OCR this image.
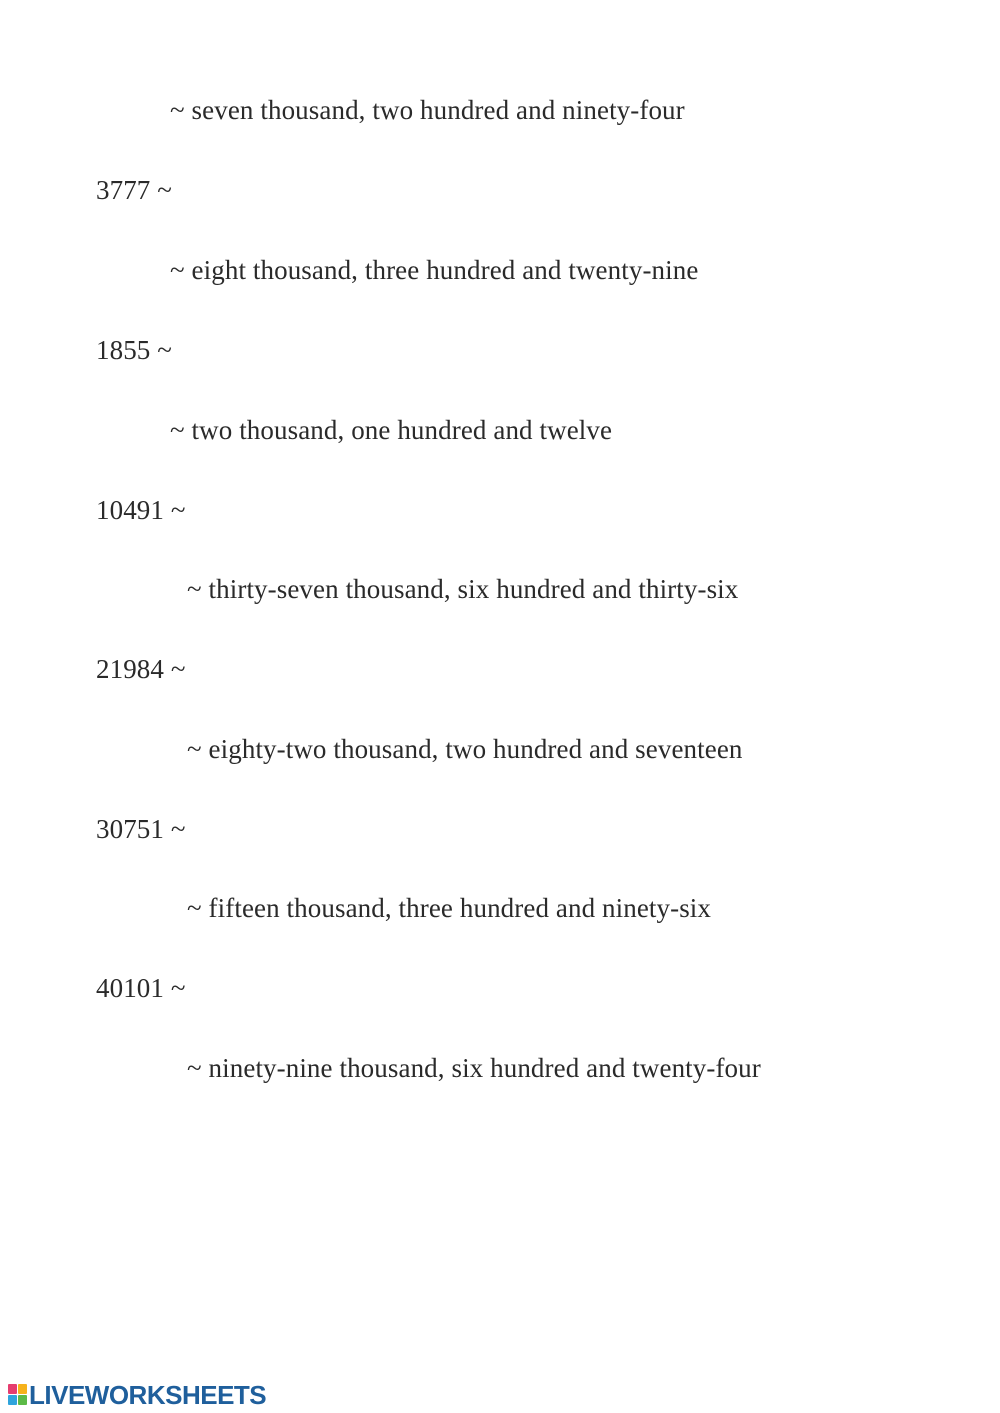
~ seven thousand, two hundred and ninety-four
3777 ~
~ eight thousand, three hundred and twenty-nine
1855 ~
~ two thousand, one hundred and twelve
10491 ~
~ thirty-seven thousand, six hundred and thirty-six
21984 ~
~ eighty-two thousand, two hundred and seventeen
30751 ~
~ fifteen thousand, three hundred and ninety-six
40101 ~
~ ninety-nine thousand, six hundred and twenty-four
LIVEWORKSHEETS
